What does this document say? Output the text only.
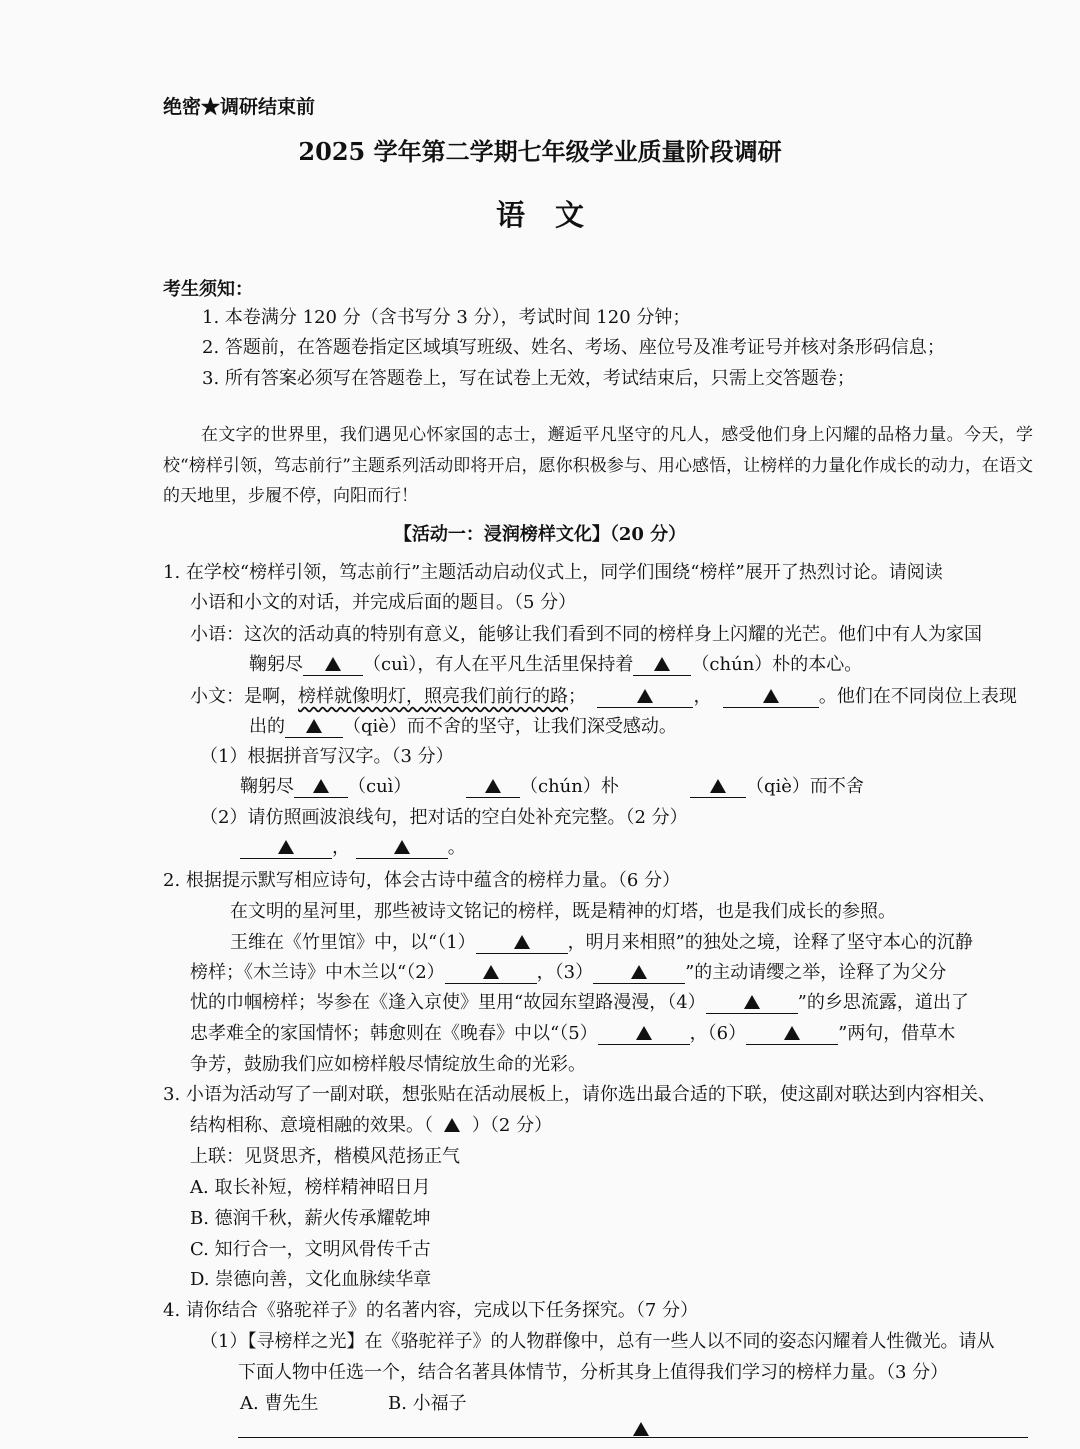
绝密★调研结束前
2025 学年第二学期七年级学业质量阶段调研
语文
考生须知：
1. 本卷满分 120 分（含书写分 3 分），考试时间 120 分钟；
2. 答题前，在答题卷指定区域填写班级、姓名、考场、座位号及准考证号并核对条形码信息；
3. 所有答案必须写在答题卷上，写在试卷上无效，考试结束后，只需上交答题卷；
在文字的世界里，我们遇见心怀家国的志士，邂逅平凡坚守的凡人，感受他们身上闪耀的品格力量。今天，学校“榜样引领，笃志前行”主题系列活动即将开启，愿你积极参与、用心感悟，让榜样的力量化作成长的动力，在语文的天地里，步履不停，向阳而行！
【活动一：浸润榜样文化】（20 分）
1. 在学校“榜样引领，笃志前行”主题活动启动仪式上，同学们围绕“榜样”展开了热烈讨论。请阅读
小语和小文的对话，并完成后面的题目。（5 分）
小语：这次的活动真的特别有意义，能够让我们看到不同的榜样身上闪耀的光芒。他们中有人为家国
鞠躬尽	（cuì），有人在平凡生活里保持着	（chún）朴的本心。
小文：是啊，榜样就像明灯，照亮我们前行的路；	，	。他们在不同岗位上表现
出的	（qiè）而不舍的坚守，让我们深受感动。
（1）根据拼音写汉字。（3 分）
鞠躬尽	（cuì）	（chún）朴	（qiè）而不舍
（2）请仿照画波浪线句，把对话的空白处补充完整。（2 分）
，	。
2. 根据提示默写相应诗句，体会古诗中蕴含的榜样力量。（6 分）
在文明的星河里，那些被诗文铭记的榜样，既是精神的灯塔，也是我们成长的参照。
王维在《竹里馆》中，以“（1）	，明月来相照”的独处之境，诠释了坚守本心的沉静
榜样；《木兰诗》中木兰以“（2）	，（3）	”的主动请缨之举，诠释了为父分
忧的巾帼榜样；岑参在《逢入京使》里用“故园东望路漫漫，（4）	”的乡思流露，道出了
忠孝难全的家国情怀；韩愈则在《晚春》中以“（5）	，（6）	”两句，借草木
争芳，鼓励我们应如榜样般尽情绽放生命的光彩。
3. 小语为活动写了一副对联，想张贴在活动展板上，请你选出最合适的下联，使这副对联达到内容相关、
结构相称、意境相融的效果。（ ）（2 分）
上联：见贤思齐，楷模风范扬正气
A. 取长补短，榜样精神昭日月
B. 德润千秋，薪火传承耀乾坤
C. 知行合一，文明风骨传千古
D. 崇德向善，文化血脉续华章
4. 请你结合《骆驼祥子》的名著内容，完成以下任务探究。（7 分）
（1）【寻榜样之光】在《骆驼祥子》的人物群像中，总有一些人以不同的姿态闪耀着人性微光。请从
下面人物中任选一个，结合名著具体情节，分析其身上值得我们学习的榜样力量。（3 分）
A. 曹先生	B. 小福子
